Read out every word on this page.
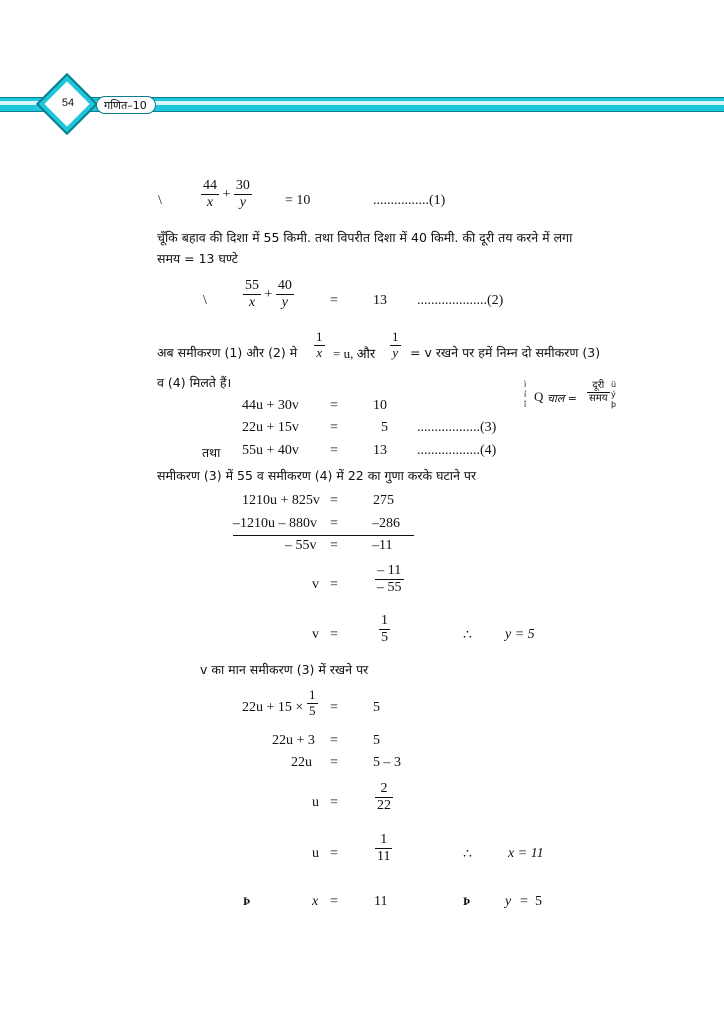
54	गणित–10
\	$\frac{44}{x} + \frac{30}{y} = 10$	................(1)
चूँकि बहाव की दिशा में 55 किमी. तथा विपरीत दिशा में 40 किमी. की दूरी तय करने में लगा
समय = 13 घण्टे
\	$\frac{55}{x} + \frac{40}{y}$	=	13 ....................(2)
अब समीकरण (1) और (2) मे $\frac{1}{x} = u$, और $\frac{1}{y} = v$ रखने पर हमें निम्न दो समीकरण (3)
व (4) मिलते हैं।	ì
í
î
Q चाल = $\frac{\text{दूरी}}{\text{समय}}$ ü
ý
þ
44u + 30v =	10
22u + 15v =	5 ..................(3)
तथा 55u + 40v =	13 ..................(4)
समीकरण (3) में 55 व समीकरण (4) में 22 का गुणा करके घटाने पर
1210u + 825v =	275
–1210u – 880v = –286
– 55v = –11
v =	$\frac{- 11}{- 55}$
v =	$\frac{1}{5}$	∴ y = 5
v का मान समीकरण (3) में रखने पर
$22u + 15 \times \frac{1}{5}$ =	5
22u + 3 =	5
22u =	5 – 3
u =	$\frac{2}{22}$
u =	$\frac{1}{11}$	∴	x = 11
Þ	x =	11	Þ y = 5
